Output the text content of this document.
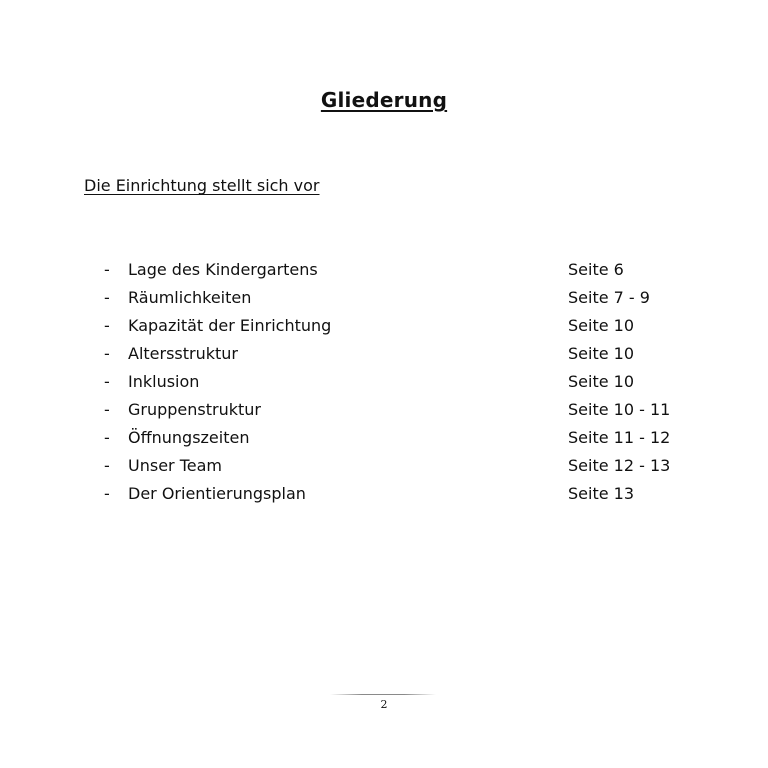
Gliederung
Die Einrichtung stellt sich vor
- Lage des Kindergartens	Seite 6
- Räumlichkeiten	Seite 7 - 9
- Kapazität der Einrichtung	Seite 10
- Altersstruktur	Seite 10
- Inklusion	Seite 10
- Gruppenstruktur	Seite 10 - 11
- Öffnungszeiten	Seite 11 - 12
- Unser Team	Seite 12 - 13
- Der Orientierungsplan	Seite 13
2
